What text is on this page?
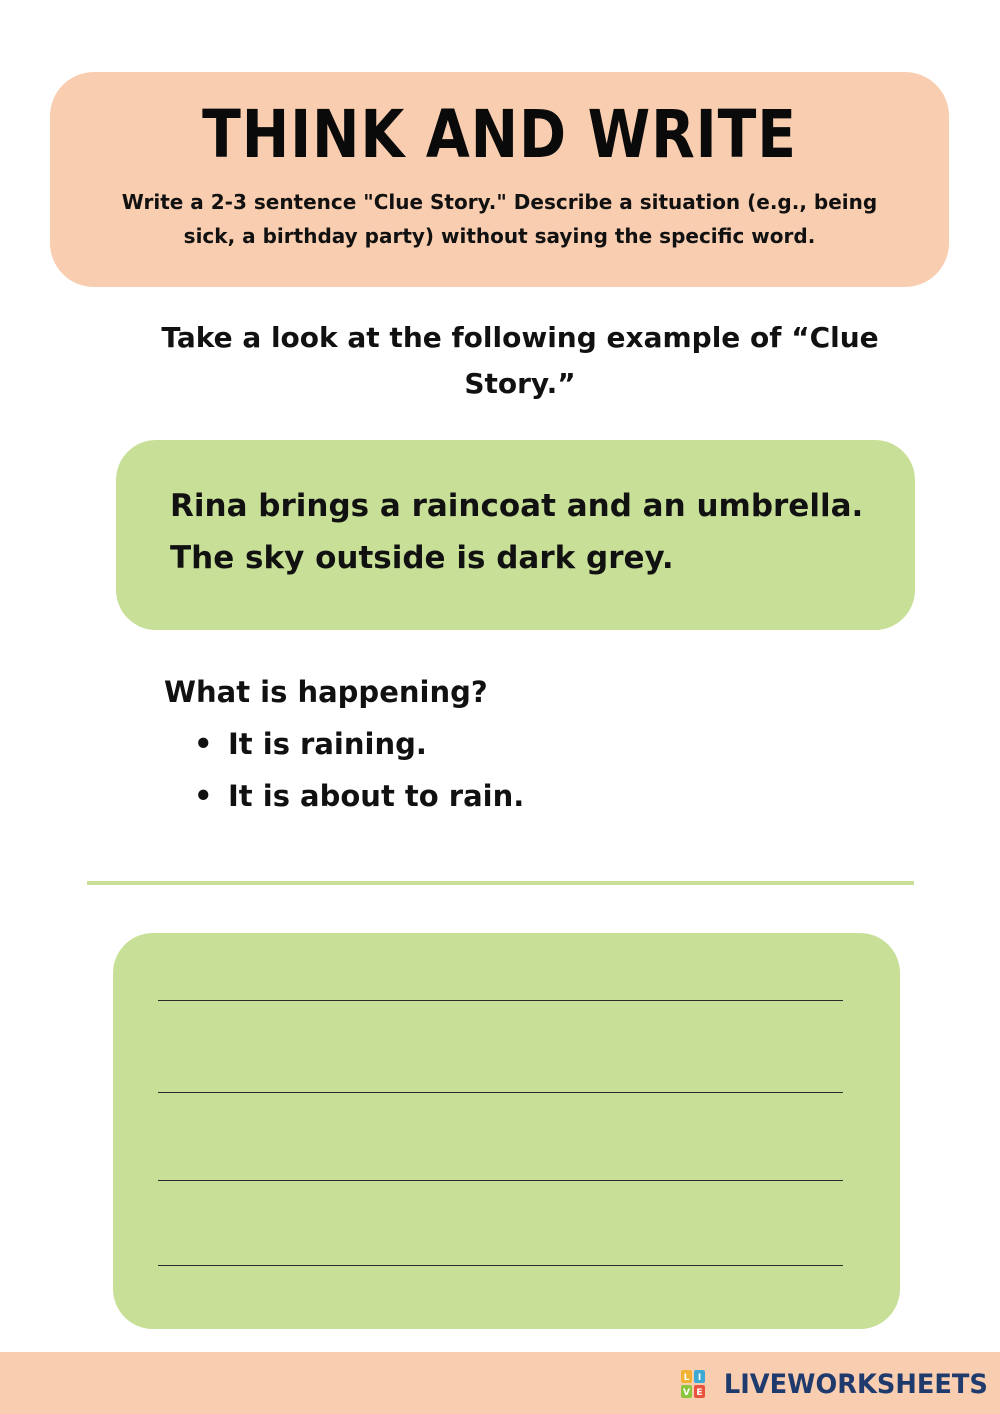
THINK AND WRITE
Write a 2-3 sentence "Clue Story." Describe a situation (e.g., being sick, a birthday party) without saying the specific word.
Take a look at the following example of “Clue Story.”
Rina brings a raincoat and an umbrella.
The sky outside is dark grey.
What is happening?
• It is raining.
• It is about to rain.
L I
V E LIVEWORKSHEETS
